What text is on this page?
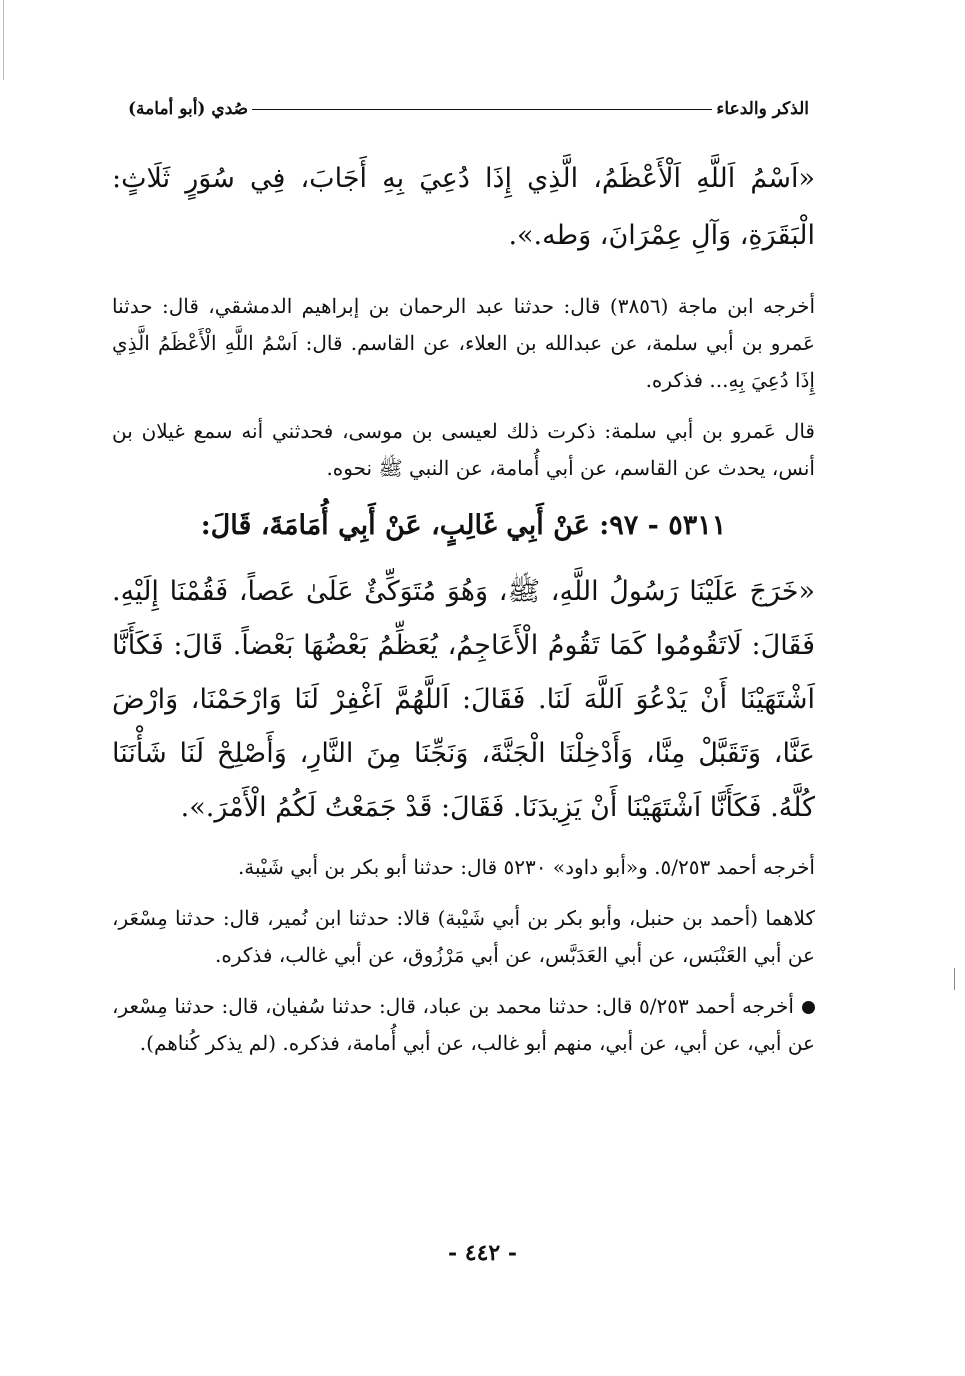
الذكر والدعاء
صُدي (أبو أمامة)

«اَسْمُ اَللَّهِ اَلْأَعْظَمُ، الَّذِي إِذَا دُعِيَ بِهِ أَجَابَ، فِي سُوَرٍ ثَلَاثٍ: الْبَقَرَةِ، وَآلِ عِمْرَانَ، وَطه.».

أخرجه ابن ماجة (٣٨٥٦) قال: حدثنا عبد الرحمان بن إبراهيم الدمشقي، قال: حدثنا عَمرو بن أبي سلمة، عن عبدالله بن العلاء، عن القاسم. قال: اَسْمُ اللَّهِ الْأَعْظَمُ الَّذِي إِذَا دُعِيَ بِهِ... فذكره.

قال عَمرو بن أبي سلمة: ذكرت ذلك لعيسى بن موسى، فحدثني أنه سمع غيلان بن أنس، يحدث عن القاسم، عن أبي أُمامة، عن النبي ﷺ نحوه.

٥٣١١ - ٩٧: عَنْ أَبِي غَالِبٍ، عَنْ أَبِي أُمَامَةَ، قَالَ:

«خَرَجَ عَلَيْنَا رَسُولُ اللَّهِ، ﷺ، وَهُوَ مُتَوَكِّئٌ عَلَىٰ عَصاً، فَقُمْنَا إِلَيْهِ. فَقَالَ: لَاتَقُومُوا كَمَا تَقُومُ الْأَعَاجِمُ، يُعَظِّمُ بَعْضُهَا بَعْضاً. قَالَ: فَكَأَنَّا اَشْتَهَيْنَا أَنْ يَدْعُوَ اَللَّهَ لَنَا. فَقَالَ: اَللَّهُمَّ اَغْفِرْ لَنَا وَارْحَمْنَا، وَارْضَ عَنَّا، وَتَقَبَّلْ مِنَّا، وَأَدْخِلْنَا الْجَنَّةَ، وَنَجِّنَا مِنَ النَّارِ، وَأَصْلِحْ لَنَا شَأْنَنَا كُلَّهُ. فَكَأَنَّا اَشْتَهَيْنَا أَنْ يَزِيدَنَا. فَقَالَ: قَدْ جَمَعْتُ لَكُمُ الْأَمْرَ.».

أخرجه أحمد ٥/٢٥٣. و«أبو داود» ٥٢٣٠ قال: حدثنا أبو بكر بن أبي شَيْبة.

كلاهما (أحمد بن حنبل، وأبو بكر بن أبي شَيْبة) قالا: حدثنا ابن نُمير، قال: حدثنا مِسْعَر، عن أبي العَنْبَس، عن أبي العَدَبَّس، عن أبي مَرْزُوق، عن أبي غالب، فذكره.

أخرجه أحمد ٥/٢٥٣ قال: حدثنا محمد بن عباد، قال: حدثنا سُفيان، قال: حدثنا مِسْعر، عن أبي، عن أبي، عن أبي، منهم أبو غالب، عن أبي أُمامة، فذكره. (لم يذكر كُناهم).

- ٤٤٢ -
